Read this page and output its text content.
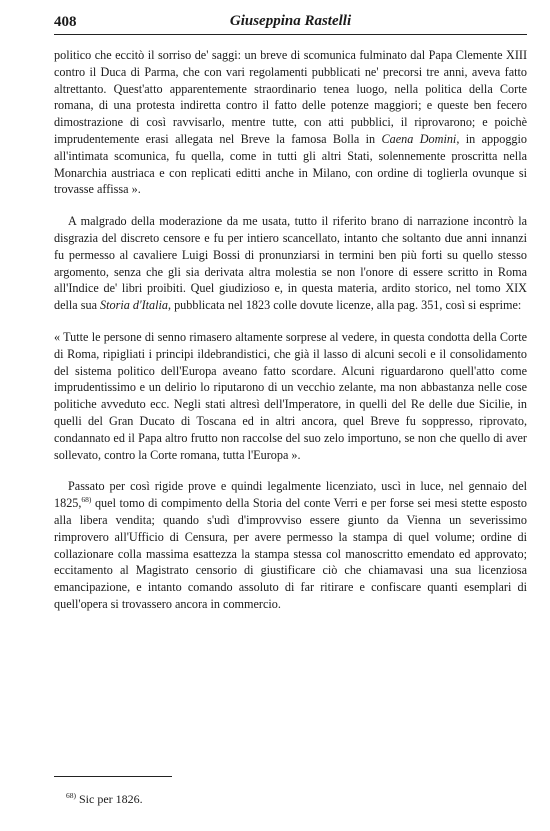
408	Giuseppina Rastelli

politico che eccitò il sorriso de' saggi: un breve di scomunica fulminato dal Papa Clemente XIII contro il Duca di Parma, che con vari regolamenti pubblicati ne' precorsi tre anni, aveva fatto altrettanto. Quest'atto apparentemente straordinario tenea luogo, nella politica della Corte romana, di una protesta indiretta contro il fatto delle potenze maggiori; e queste ben fecero dimostrazione di così ravvisarlo, mentre tutte, con atti pubblici, il riprovarono; e poichè imprudentemente erasi allegata nel Breve la famosa Bolla in Caena Domini, in appoggio all'intimata scomunica, fu quella, come in tutti gli altri Stati, solennemente proscritta nella Monarchia austriaca e con replicati editti anche in Milano, con ordine di toglierla ovunque si trovasse affissa ».

A malgrado della moderazione da me usata, tutto il riferito brano di narrazione incontrò la disgrazia del discreto censore e fu per intiero scancellato, intanto che soltanto due anni innanzi fu permesso al cavaliere Luigi Bossi di pronunziarsi in termini ben più forti su quello stesso argomento, senza che gli sia derivata altra molestia se non l'onore di essere scritto in Roma all'Indice de' libri proibiti. Quel giudizioso e, in questa materia, ardito storico, nel tomo XIX della sua Storia d'Italia, pubblicata nel 1823 colle dovute licenze, alla pag. 351, così si esprime:

« Tutte le persone di senno rimasero altamente sorprese al vedere, in questa condotta della Corte di Roma, ripigliati i principi ildebrandistici, che già il lasso di alcuni secoli e il consolidamento del sistema politico dell'Europa aveano fatto scordare. Alcuni riguardarono quell'atto come imprudentissimo e un delirio lo riputarono di un vecchio zelante, ma non abbastanza nelle cose politiche avveduto ecc. Negli stati altresì dell'Imperatore, in quelli del Re delle due Sicilie, in quelli del Gran Ducato di Toscana ed in altri ancora, quel Breve fu soppresso, riprovato, condannato ed il Papa altro frutto non raccolse del suo zelo importuno, se non che quello di aver sollevato, contro la Corte romana, tutta l'Europa ».

Passato per così rigide prove e quindi legalmente licenziato, uscì in luce, nel gennaio del 1825,$^{68)}$ quel tomo di compimento della Storia del conte Verri e per forse sei mesi stette esposto alla libera vendita; quando s'udì d'improvviso essere giunto da Vienna un severissimo rimprovero all'Ufficio di Censura, per avere permesso la stampa di quel volume; ordine di collazionare colla massima esattezza la stampa stessa col manoscritto emendato ed approvato; eccitamento al Magistrato censorio di giustificare ciò che chiamavasi una sua licenziosa emancipazione, e intanto comando assoluto di far ritirare e confiscare quanti esemplari di quell'opera si trovassero ancora in commercio.

$^{68)}$ Sic per 1826.
